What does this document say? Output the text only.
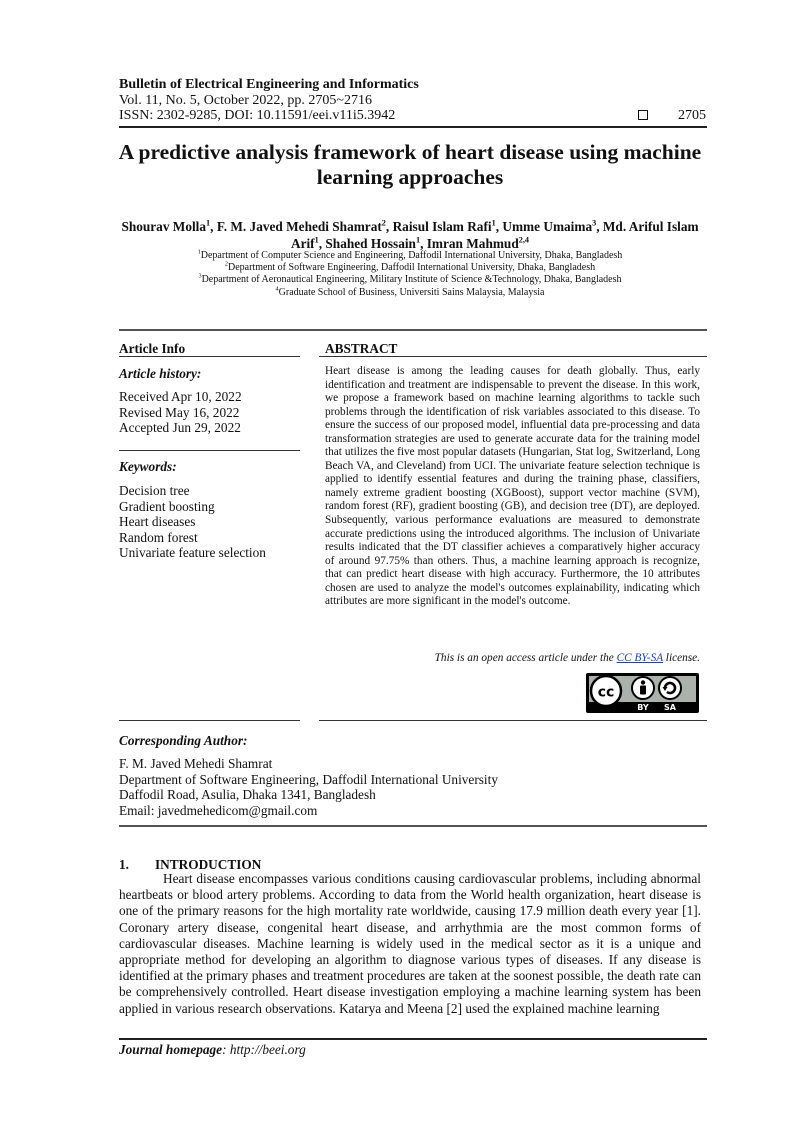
Bulletin of Electrical Engineering and Informatics
Vol. 11, No. 5, October 2022, pp. 2705~2716
ISSN: 2302-9285, DOI: 10.11591/eei.v11i5.3942	2705
A predictive analysis framework of heart disease using machine
learning approaches
Shourav Molla$^1$, F. M. Javed Mehedi Shamrat$^2$, Raisul Islam Rafi$^1$, Umme Umaima$^3$, Md. Ariful Islam Arif$^1$, Shahed Hossain$^1$, Imran Mahmud$^{2,4}$
$^1$Department of Computer Science and Engineering, Daffodil International University, Dhaka, Bangladesh
$^2$Department of Software Engineering, Daffodil International University, Dhaka, Bangladesh
$^3$Department of Aeronautical Engineering, Military Institute of Science &Technology, Dhaka, Bangladesh
$^4$Graduate School of Business, Universiti Sains Malaysia, Malaysia
Article Info
Article history:
Received Apr 10, 2022
Revised May 16, 2022
Accepted Jun 29, 2022
Keywords:
Decision tree
Gradient boosting
Heart diseases
Random forest
Univariate feature selection
ABSTRACT
Heart disease is among the leading causes for death globally. Thus, early identification and treatment are indispensable to prevent the disease. In this work, we propose a framework based on machine learning algorithms to tackle such problems through the identification of risk variables associated to this disease. To ensure the success of our proposed model, influential data pre-processing and data transformation strategies are used to generate accurate data for the training model that utilizes the five most popular datasets (Hungarian, Stat log, Switzerland, Long Beach VA, and Cleveland) from UCI. The univariate feature selection technique is applied to identify essential features and during the training phase, classifiers, namely extreme gradient boosting (XGBoost), support vector machine (SVM), random forest (RF), gradient boosting (GB), and decision tree (DT), are deployed. Subsequently, various performance evaluations are measured to demonstrate accurate predictions using the introduced algorithms. The inclusion of Univariate results indicated that the DT classifier achieves a comparatively higher accuracy of around 97.75% than others. Thus, a machine learning approach is recognize, that can predict heart disease with high accuracy. Furthermore, the 10 attributes chosen are used to analyze the model's outcomes explainability, indicating which attributes are more significant in the model's outcome.
This is an open access article under the CC BY-SA license.
cc
BY SA
Corresponding Author:
F. M. Javed Mehedi Shamrat
Department of Software Engineering, Daffodil International University
Daffodil Road, Asulia, Dhaka 1341, Bangladesh
Email: javedmehedicom@gmail.com
1. INTRODUCTION
Heart disease encompasses various conditions causing cardiovascular problems, including abnormal heartbeats or blood artery problems. According to data from the World health organization, heart disease is one of the primary reasons for the high mortality rate worldwide, causing 17.9 million death every year [1]. Coronary artery disease, congenital heart disease, and arrhythmia are the most common forms of cardiovascular diseases. Machine learning is widely used in the medical sector as it is a unique and appropriate method for developing an algorithm to diagnose various types of diseases. If any disease is identified at the primary phases and treatment procedures are taken at the soonest possible, the death rate can be comprehensively controlled. Heart disease investigation employing a machine learning system has been applied in various research observations. Katarya and Meena [2] used the explained machine learning
Journal homepage: http://beei.org
